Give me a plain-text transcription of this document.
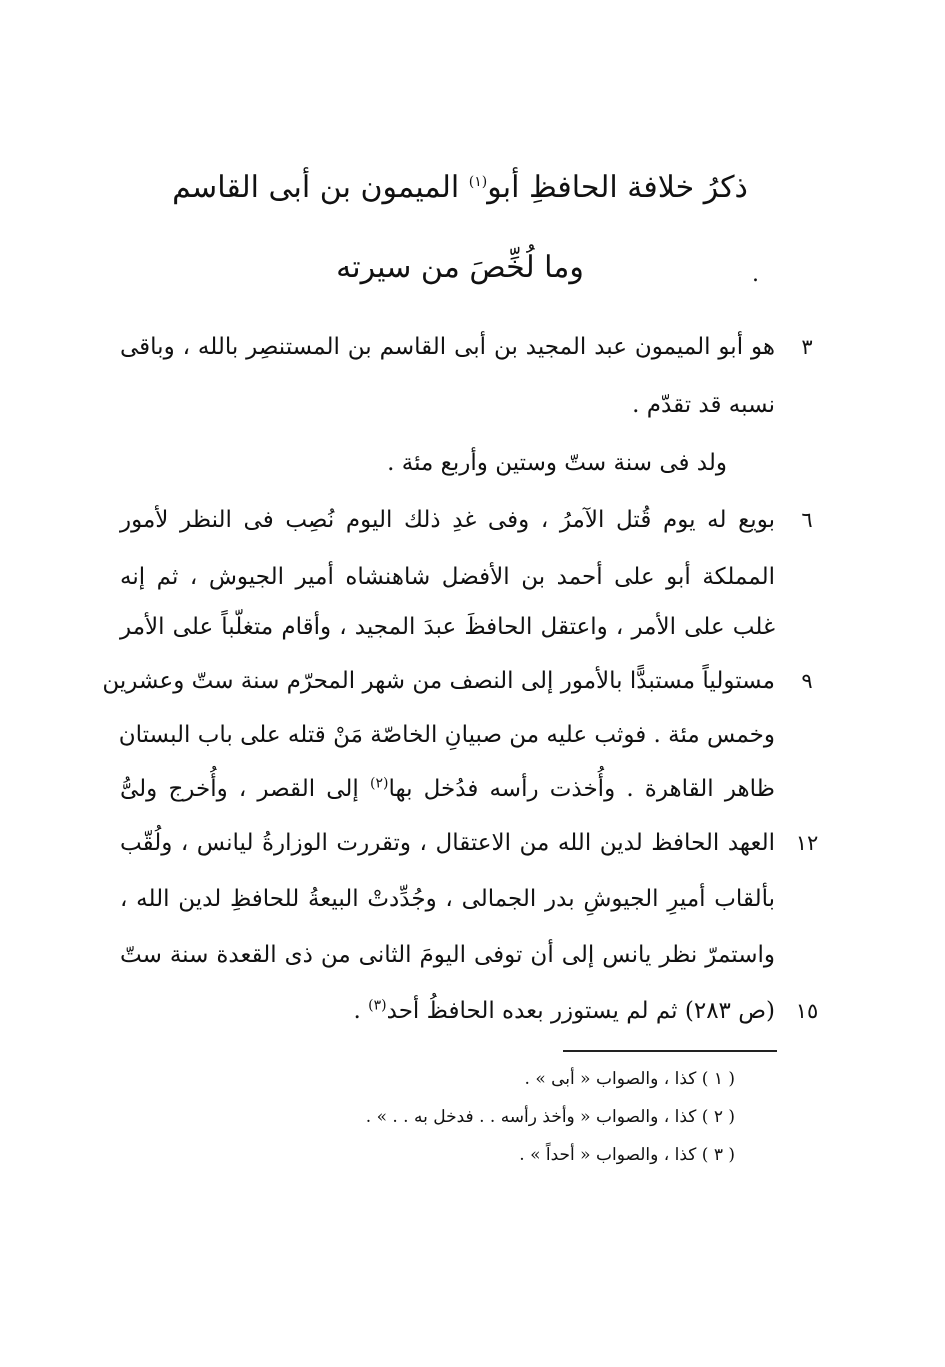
ذكرُ خلافة الحافظِ أبو$^{(١)}$ الميمون بن أبى القاسم
وما لُخِّصَ من سيرته	.
٣
هو أبو الميمون عبد المجيد بن أبى القاسم بن المستنصِر بالله ، وباقى
نسبه قد تقدّم .
ولد فى سنة ستّ وستين وأربع مئة .
٦
بويع له يوم قُتل الآمرُ ، وفى غدِ ذلك اليوم نُصِب فى النظر لأمور
المملكة أبو على أحمد بن الأفضل شاهنشاه أمير الجيوش ، ثم إنه
غلب على الأمر ، واعتقل الحافظَ عبدَ المجيد ، وأقام متغلّباً على الأمر
٩
مستولياً مستبدًّا بالأمور إلى النصف من شهر المحرّم سنة ستّ وعشرين
وخمس مئة . فوثب عليه من صبيانِ الخاصّة مَنْ قتله على باب البستان
ظاهر القاهرة . وأُخذت رأسه فدُخل بها$^{(٢)}$ إلى القصر ، وأُخرج ولىُّ
١٢
العهد الحافظ لدين الله من الاعتقال ، وتقررت الوزارةُ ليانس ، ولُقّب
بألقاب أميرِ الجيوشِ بدر الجمالى ، وجُدِّدتْ البيعةُ للحافظِ لدين الله ،
واستمرّ نظر يانس إلى أن توفى اليومَ الثانى من ذى القعدة سنة ستّ
١٥
(ص ٢٨٣) ثم لم يستوزر بعده الحافظُ أحد$^{(٣)}$ .
( ١ ) كذا ، والصواب « أبى » .
( ٢ ) كذا ، والصواب « وأخذ رأسه . . فدخل به . . » .
( ٣ ) كذا ، والصواب « أحداً » .
